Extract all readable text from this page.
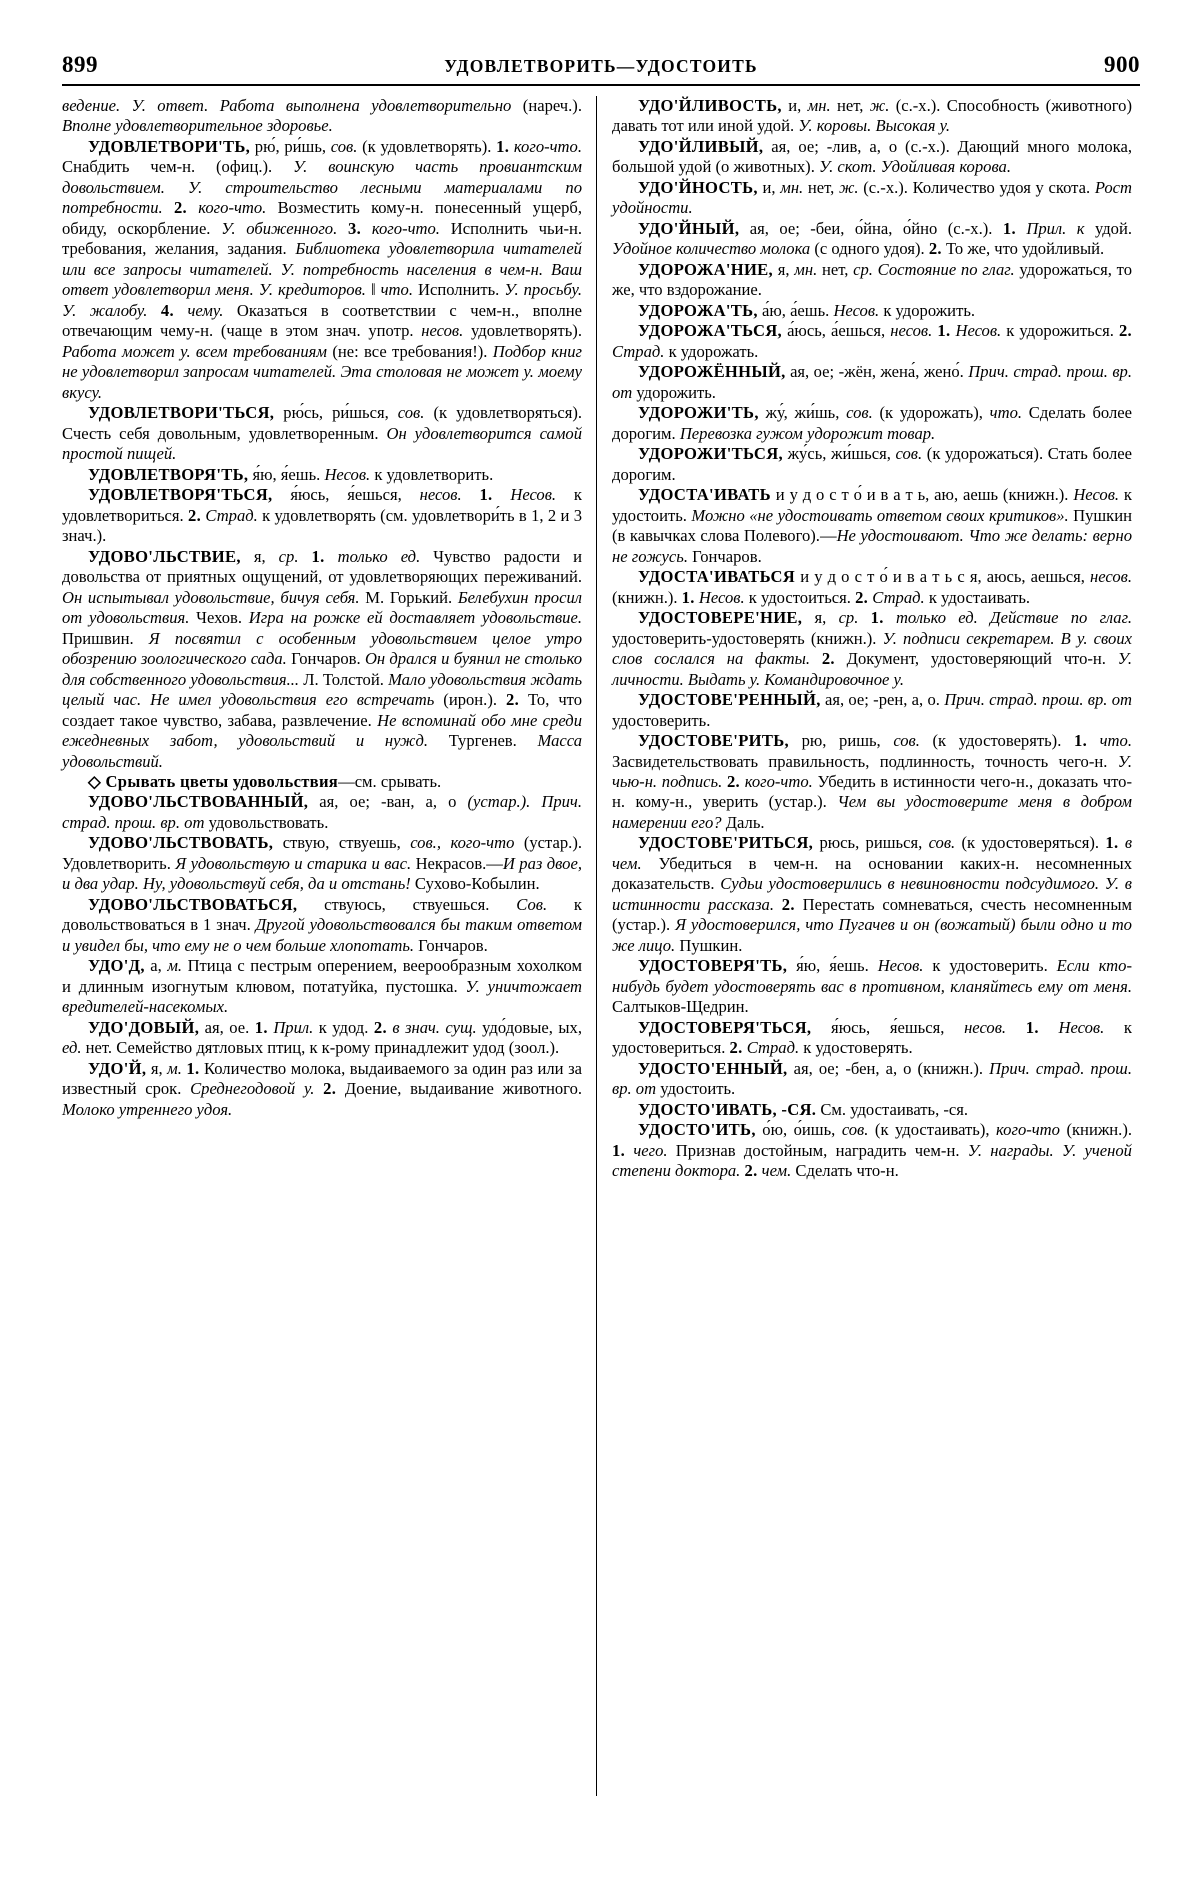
899	УДОВЛЕТВОРИТЬ—УДОСТОИТЬ	900

ведение. У. ответ. Работа выполнена удовлетворительно (нареч.). Вполне удовлетворительное здоровье.

УДОВЛЕТВОРИ'ТЬ, рю́, ри́шь, сов. (к удовлетворять). 1. кого-что. Снабдить чем-н. (офиц.). У. воинскую часть провиантским довольствием. У. строительство лесными материалами по потребности. 2. кого-что. Возместить кому-н. понесенный ущерб, обиду, оскорбление. У. обиженного. 3. кого-что. Исполнить чьи-н. требования, желания, задания. Библиотека удовлетворила читателей или все запросы читателей. У. потребность населения в чем-н. Ваш ответ удовлетворил меня. У. кредиторов. ‖ что. Исполнить. У. просьбу. У. жалобу. 4. чему. Оказаться в соответствии с чем-н., вполне отвечающим чему-н. (чаще в этом знач. употр. несов. удовлетворять). Работа может у. всем требованиям (не: все требования!). Подбор книг не удовлетворил запросам читателей. Эта столовая не может у. моему вкусу.

УДОВЛЕТВОРИ'ТЬСЯ, рю́сь, ри́шься, сов. (к удовлетворяться). Счесть себя довольным, удовлетворенным. Он удовлетворится самой простой пищей.

УДОВЛЕТВОРЯ'ТЬ, я́ю, я́ешь. Несов. к удовлетворить.

УДОВЛЕТВОРЯ'ТЬСЯ, я́юсь, я́ешься, несов. 1. Несов. к удовлетвориться. 2. Страд. к удовлетворять (см. удовлетвори́ть в 1, 2 и 3 знач.).

УДОВО'ЛЬСТВИЕ, я, ср. 1. только ед. Чувство радости и довольства от приятных ощущений, от удовлетворяющих переживаний. Он испытывал удовольствие, бичуя себя. М. Горький. Белебухин просил от удовольствия. Чехов. Игра на рожке ей доставляет удовольствие. Пришвин. Я посвятил с особенным удовольствием целое утро обозрению зоологического сада. Гончаров. Он дрался и буянил не столько для собственного удовольствия... Л. Толстой. Мало удовольствия ждать целый час. Не имел удовольствия его встречать (ирон.). 2. То, что создает такое чувство, забава, развлечение. Не вспоминай обо мне среди ежедневных забот, удовольствий и нужд. Тургенев. Масса удовольствий.

◇ Срывать цветы удовольствия—см. срывать.

УДОВО'ЛЬСТВОВАННЫЙ, ая, ое; -ван, а, о (устар.). Прич. страд. прош. вр. от удовольствовать.

УДОВО'ЛЬСТВОВАТЬ, ствую, ствуешь, сов., кого-что (устар.). Удовлетворить. Я удовольствую и старика и вас. Некрасов.—И раз двое, и два удар. Ну, удовольствуй себя, да и отстань! Сухово-Кобылин.

УДОВО'ЛЬСТВОВАТЬСЯ, ствуюсь, ствуешься. Сов. к довольствоваться в 1 знач. Другой удовольствовался бы таким ответом и увидел бы, что ему не о чем больше хлопотать. Гончаров.

УДО'Д, а, м. Птица с пестрым оперением, веерообразным хохолком и длинным изогнутым клювом, потатуйка, пустошка. У. уничтожает вредителей-насекомых.

УДО'ДОВЫЙ, ая, ое. 1. Прил. к удод. 2. в знач. сущ. удо́довые, ых, ед. нет. Семейство дятловых птиц, к к-рому принадлежит удод (зоол.).

УДО'Й, я, м. 1. Количество молока, выдаиваемого за один раз или за известный срок. Среднегодовой у. 2. Доение, выдаивание животного. Молоко утреннего удоя.

УДО'ЙЛИВОСТЬ, и, мн. нет, ж. (с.-х.). Способность (животного) давать тот или иной удой. У. коровы. Высокая у.

УДО'ЙЛИВЫЙ, ая, ое; -лив, а, о (с.-х.). Дающий много молока, большой удой (о животных). У. скот. Удойливая корова.

УДО'ЙНОСТЬ, и, мн. нет, ж. (с.-х.). Количество удоя у скота. Рост удойности.

УДО'ЙНЫЙ, ая, ое; -беи, о́йна, о́йно (с.-х.). 1. Прил. к удой. Удойное количество молока (с одного удоя). 2. То же, что удойливый.

УДОРОЖА'НИЕ, я, мн. нет, ср. Состояние по глаг. удорожаться, то же, что вздорожание.

УДОРОЖА'ТЬ, а́ю, а́ешь. Несов. к удорожить.

УДОРОЖА'ТЬСЯ, а́юсь, а́ешься, несов. 1. Несов. к удорожиться. 2. Страд. к удорожать.

УДОРОЖЁННЫЙ, ая, ое; -жён, жена́, жено́. Прич. страд. прош. вр. от удорожить.

УДОРОЖИ'ТЬ, жу́, жи́шь, сов. (к удорожать), что. Сделать более дорогим. Перевозка гужом удорожит товар.

УДОРОЖИ'ТЬСЯ, жу́сь, жи́шься, сов. (к удорожаться). Стать более дорогим.

УДОСТА'ИВАТЬ и у д о с т о́ и в а т ь, аю, аешь (книжн.). Несов. к удостоить. Можно «не удостоивать ответом своих критиков». Пушкин (в кавычках слова Полевого).—Не удостоивают. Что же делать: верно не гожусь. Гончаров.

УДОСТА'ИВАТЬСЯ и у д о с т о́ и в а т ь с я, аюсь, аешься, несов. (книжн.). 1. Несов. к удостоиться. 2. Страд. к удостаивать.

УДОСТОВЕРЕ'НИЕ, я, ср. 1. только ед. Действие по глаг. удостоверить-удостоверять (книжн.). У. подписи секретарем. В у. своих слов сослался на факты. 2. Документ, удостоверяющий что-н. У. личности. Выдать у. Командировочное у.

УДОСТОВЕ'РЕННЫЙ, ая, ое; -рен, а, о. Прич. страд. прош. вр. от удостоверить.

УДОСТОВЕ'РИТЬ, рю, ришь, сов. (к удостоверять). 1. что. Засвидетельствовать правильность, подлинность, точность чего-н. У. чью-н. подпись. 2. кого-что. Убедить в истинности чего-н., доказать что-н. кому-н., уверить (устар.). Чем вы удостоверите меня в добром намерении его? Даль.

УДОСТОВЕ'РИТЬСЯ, рюсь, ришься, сов. (к удостоверяться). 1. в чем. Убедиться в чем-н. на основании каких-н. несомненных доказательств. Судьи удостоверились в невиновности подсудимого. У. в истинности рассказа. 2. Перестать сомневаться, счесть несомненным (устар.). Я удостоверился, что Пугачев и он (вожатый) были одно и то же лицо. Пушкин.

УДОСТОВЕРЯ'ТЬ, я́ю, я́ешь. Несов. к удостоверить. Если кто-нибудь будет удостоверять вас в противном, кланяйтесь ему от меня. Салтыков-Щедрин.

УДОСТОВЕРЯ'ТЬСЯ, я́юсь, я́ешься, несов. 1. Несов. к удостовериться. 2. Страд. к удостоверять.

УДОСТО'ЕННЫЙ, ая, ое; -бен, а, о (книжн.). Прич. страд. прош. вр. от удостоить.

УДОСТО'ИВАТЬ, -СЯ. См. удостаивать, -ся.

УДОСТО'ИТЬ, о́ю, о́ишь, сов. (к удостаивать), кого-что (книжн.). 1. чего. Признав достойным, наградить чем-н. У. награды. У. ученой степени доктора. 2. чем. Сделать что-н.
